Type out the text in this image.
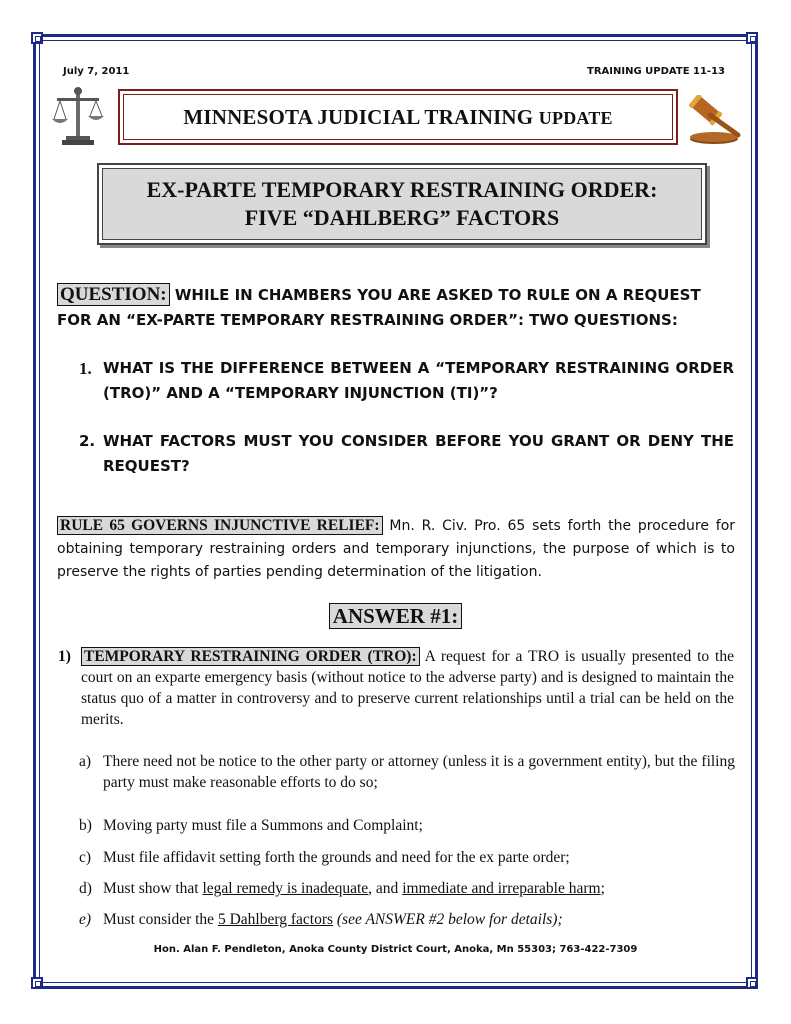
July 7, 2011	TRAINING UPDATE 11-13
MINNESOTA JUDICIAL TRAINING UPDATE
EX-PARTE TEMPORARY RESTRAINING ORDER:
FIVE “DAHLBERG” FACTORS
QUESTION: WHILE IN CHAMBERS YOU ARE ASKED TO RULE ON A REQUEST FOR AN “EX-PARTE TEMPORARY RESTRAINING ORDER”: TWO QUESTIONS:
1. WHAT IS THE DIFFERENCE BETWEEN A “TEMPORARY RESTRAINING ORDER (TRO)” AND A “TEMPORARY INJUNCTION (TI)”?
2. WHAT FACTORS MUST YOU CONSIDER BEFORE YOU GRANT OR DENY THE REQUEST?
RULE 65 GOVERNS INJUNCTIVE RELIEF: Mn. R. Civ. Pro. 65 sets forth the procedure for obtaining temporary restraining orders and temporary injunctions, the purpose of which is to preserve the rights of parties pending determination of the litigation.
ANSWER #1:
1) TEMPORARY RESTRAINING ORDER (TRO): A request for a TRO is usually presented to the court on an exparte emergency basis (without notice to the adverse party) and is designed to maintain the status quo of a matter in controversy and to preserve current relationships until a trial can be held on the merits.
a) There need not be notice to the other party or attorney (unless it is a government entity), but the filing party must make reasonable efforts to do so;
b) Moving party must file a Summons and Complaint;
c) Must file affidavit setting forth the grounds and need for the ex parte order;
d) Must show that legal remedy is inadequate, and immediate and irreparable harm;
e) Must consider the 5 Dahlberg factors (see ANSWER #2 below for details);
Hon. Alan F. Pendleton, Anoka County District Court, Anoka, Mn 55303; 763-422-7309
